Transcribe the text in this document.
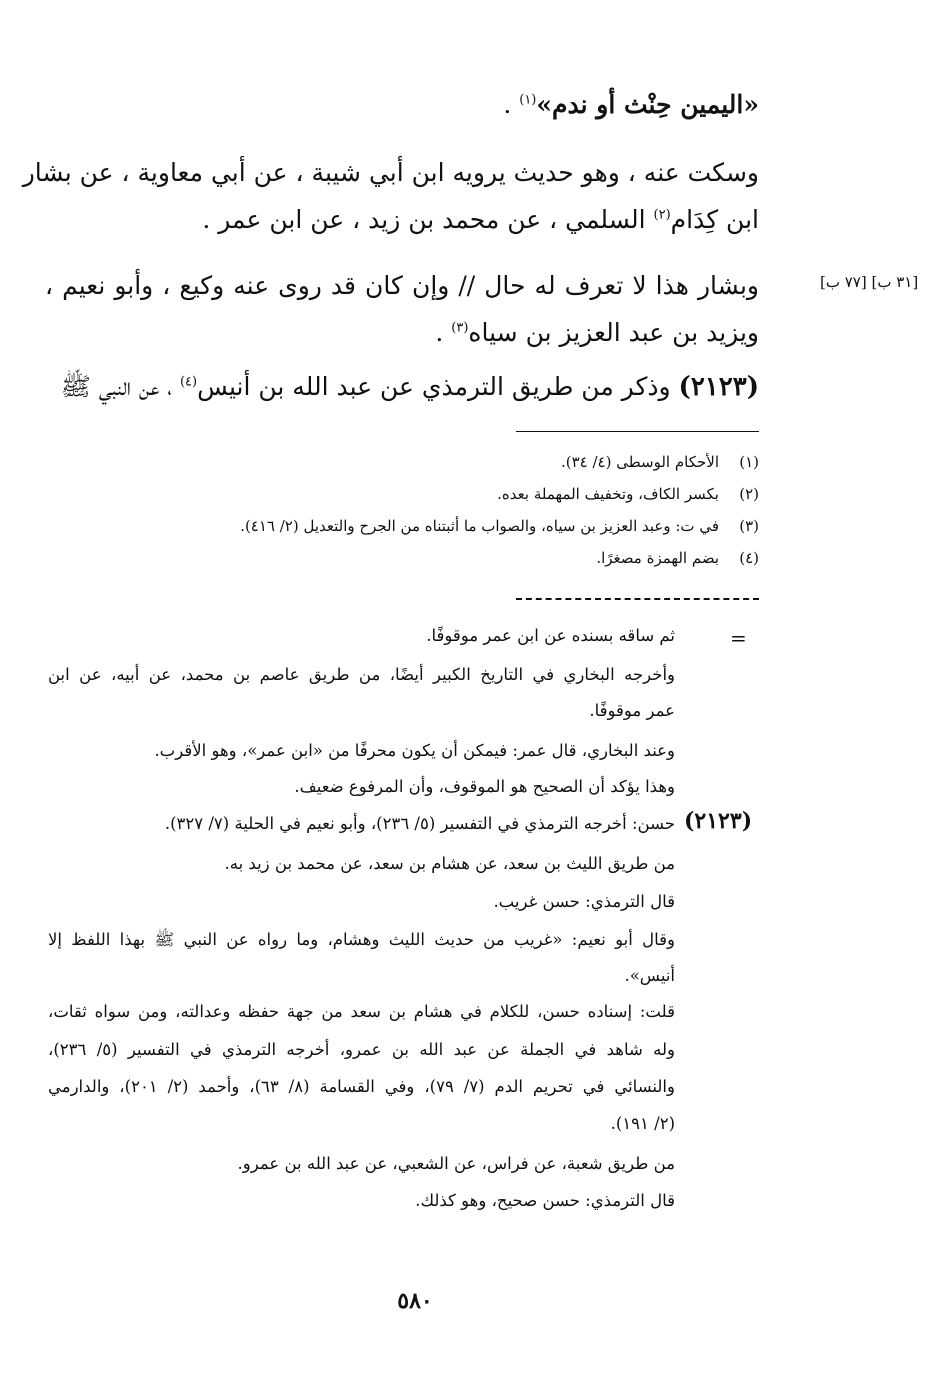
«اليمين حِنْث أو ندم»$^{(١)}$ .
وسكت عنه ، وهو حديث يرويه ابن أبي شيبة ، عن أبي معاوية ، عن بشار
ابن كِدَام$^{(٢)}$ السلمي ، عن محمد بن زيد ، عن ابن عمر .
وبشار هذا لا تعرف له حال // وإن كان قد روى عنه وكيع ، وأبو نعيم ،
ويزيد بن عبد العزيز بن سياه$^{(٣)}$ .
(٢١٢٣) وذكر من طريق الترمذي عن عبد الله بن أنيس$^{(٤)}$ ، عن النبي ﷺ
[٣١ ب] [٧٧ ب]
(١)الأحكام الوسطى (٤/ ٣٤).
(٢)بكسر الكاف، وتخفيف المهملة بعده.
(٣)في ت: وعبد العزيز بن سياه، والصواب ما أثبتناه من الجرح والتعديل (٢/ ٤١٦).
(٤)بضم الهمزة مصغرًا.
=
(٢١٢٣)
ثم ساقه بسنده عن ابن عمر موقوفًا.
وأخرجه البخاري في التاريخ الكبير أيضًا، من طريق عاصم بن محمد، عن أبيه، عن ابن
عمر موقوفًا.
وعند البخاري، قال عمر: فيمكن أن يكون محرفًا من «ابن عمر»، وهو الأقرب.
وهذا يؤكد أن الصحيح هو الموقوف، وأن المرفوع ضعيف.
حسن: أخرجه الترمذي في التفسير (٥/ ٢٣٦)، وأبو نعيم في الحلية (٧/ ٣٢٧).
من طريق الليث بن سعد، عن هشام بن سعد، عن محمد بن زيد به.
قال الترمذي: حسن غريب.
وقال أبو نعيم: «غريب من حديث الليث وهشام، وما رواه عن النبي ﷺ بهذا اللفظ إلا
أنيس».
قلت: إسناده حسن، للكلام في هشام بن سعد من جهة حفظه وعدالته، ومن سواه ثقات،
وله شاهد في الجملة عن عبد الله بن عمرو، أخرجه الترمذي في التفسير (٥/ ٢٣٦)،
والنسائي في تحريم الدم (٧/ ٧٩)، وفي القسامة (٨/ ٦٣)، وأحمد (٢/ ٢٠١)، والدارمي
(٢/ ١٩١).
من طريق شعبة، عن فراس، عن الشعبي، عن عبد الله بن عمرو.
قال الترمذي: حسن صحيح، وهو كذلك.
٥٨٠
